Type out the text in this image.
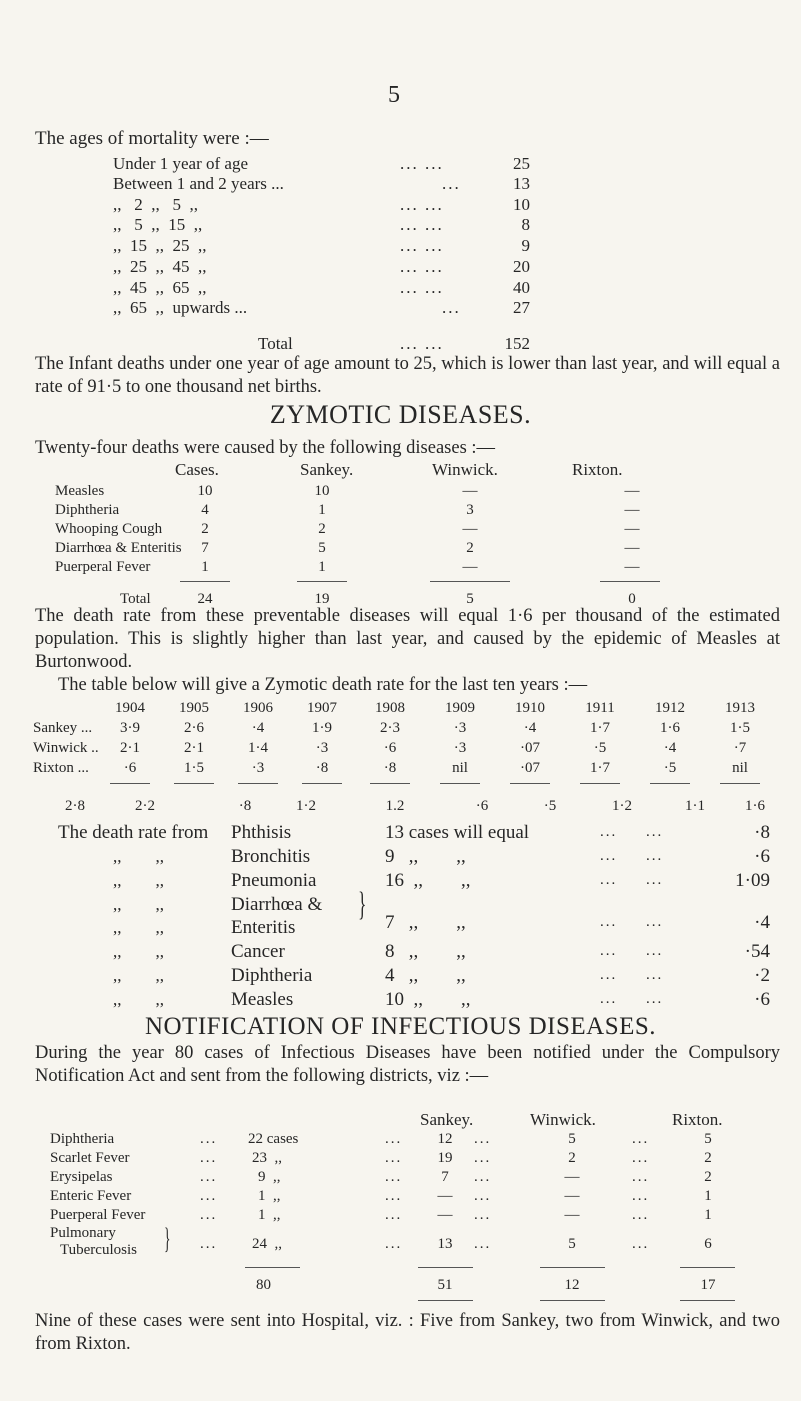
5
The ages of mortality were :—
Under 1 year of age	... ...	25
Between 1 and 2 years ...	...	13
,,   2  ,,   5  ,,	... ...	10
,,   5  ,,  15  ,,	... ...	8
,,  15  ,,  25  ,,	... ...	9
,,  25  ,,  45  ,,	... ...	20
,,  45  ,,  65  ,,	... ...	40
,,  65  ,,  upwards ...	...	27
Total	... ...	152
The Infant deaths under one year of age amount to 25, which is lower than last year, and will equal a rate of 91·5 to one thousand net births.
ZYMOTIC DISEASES.
Twenty-four deaths were caused by the following diseases :—
Cases.	Sankey.	Winwick.	Rixton.
Measles	10	10	—	—
Diphtheria	4	1	3	—
Whooping Cough	2	2	—	—
Diarrhœa & Enteritis	7	5	2	—
Puerperal Fever	1	1	—	—
Total	24	19	5	0
The death rate from these preventable diseases will equal 1·6 per thousand of the estimated population. This is slightly higher than last year, and caused by the epidemic of Measles at Burtonwood.
The table below will give a Zymotic death rate for the last ten years :—
1904	1905	1906	1907	1908	1909	1910	1911	1912	1913
Sankey ...	3·9	2·6	·4	1·9	2·3	·3	·4	1·7	1·6	1·5
Winwick ..	2·1	2·1	1·4	·3	·6	·3	·07	·5	·4	·7
Rixton ...	·6	1·5	·3	·8	·8	nil	·07	1·7	·5	nil
2·8	2·2	·8	1·2	1.2	·6	·5	1·2	1·1	1·6
The death rate from Phthisis	13 cases will equal	...     ...	·8
,,        ,,	Bronchitis	9   ,,        ,,	...     ...	·6
,,        ,,	Pneumonia	16  ,,        ,,	...     ...	1·09
,,        ,,	Diarrhœa & }
,,        ,,	Enteritis	7   ,,        ,,	...     ...	·4
,,        ,,	Cancer	8   ,,        ,,	...     ...	·54
,,        ,,	Diphtheria	4   ,,        ,,	...     ...	·2
,,        ,,	Measles	10  ,,        ,,	...     ...	·6
NOTIFICATION OF INFECTIOUS DISEASES.
During the year 80 cases of Infectious Diseases have been notified under the Compulsory Notification Act and sent from the following districts, viz :—
Sankey.	Winwick.	Rixton.
Diphtheria	... 22 cases	...	12	...	5	...	5
Scarlet Fever	... 23  ,,	...	19	...	2	...	2
Erysipelas	...	9  ,,	...	7	...	—	...	2
Enteric Fever	...	1  ,,	...	—	...	—	...	1
Puerperal Fever	...	1  ,,	...	—	...	—	...	1
Pulmonary
Tuberculosis } ... 24  ,,	...	13	...	5	...	6
80	51	12	17
Nine of these cases were sent into Hospital, viz. : Five from Sankey, two from Winwick, and two from Rixton.
